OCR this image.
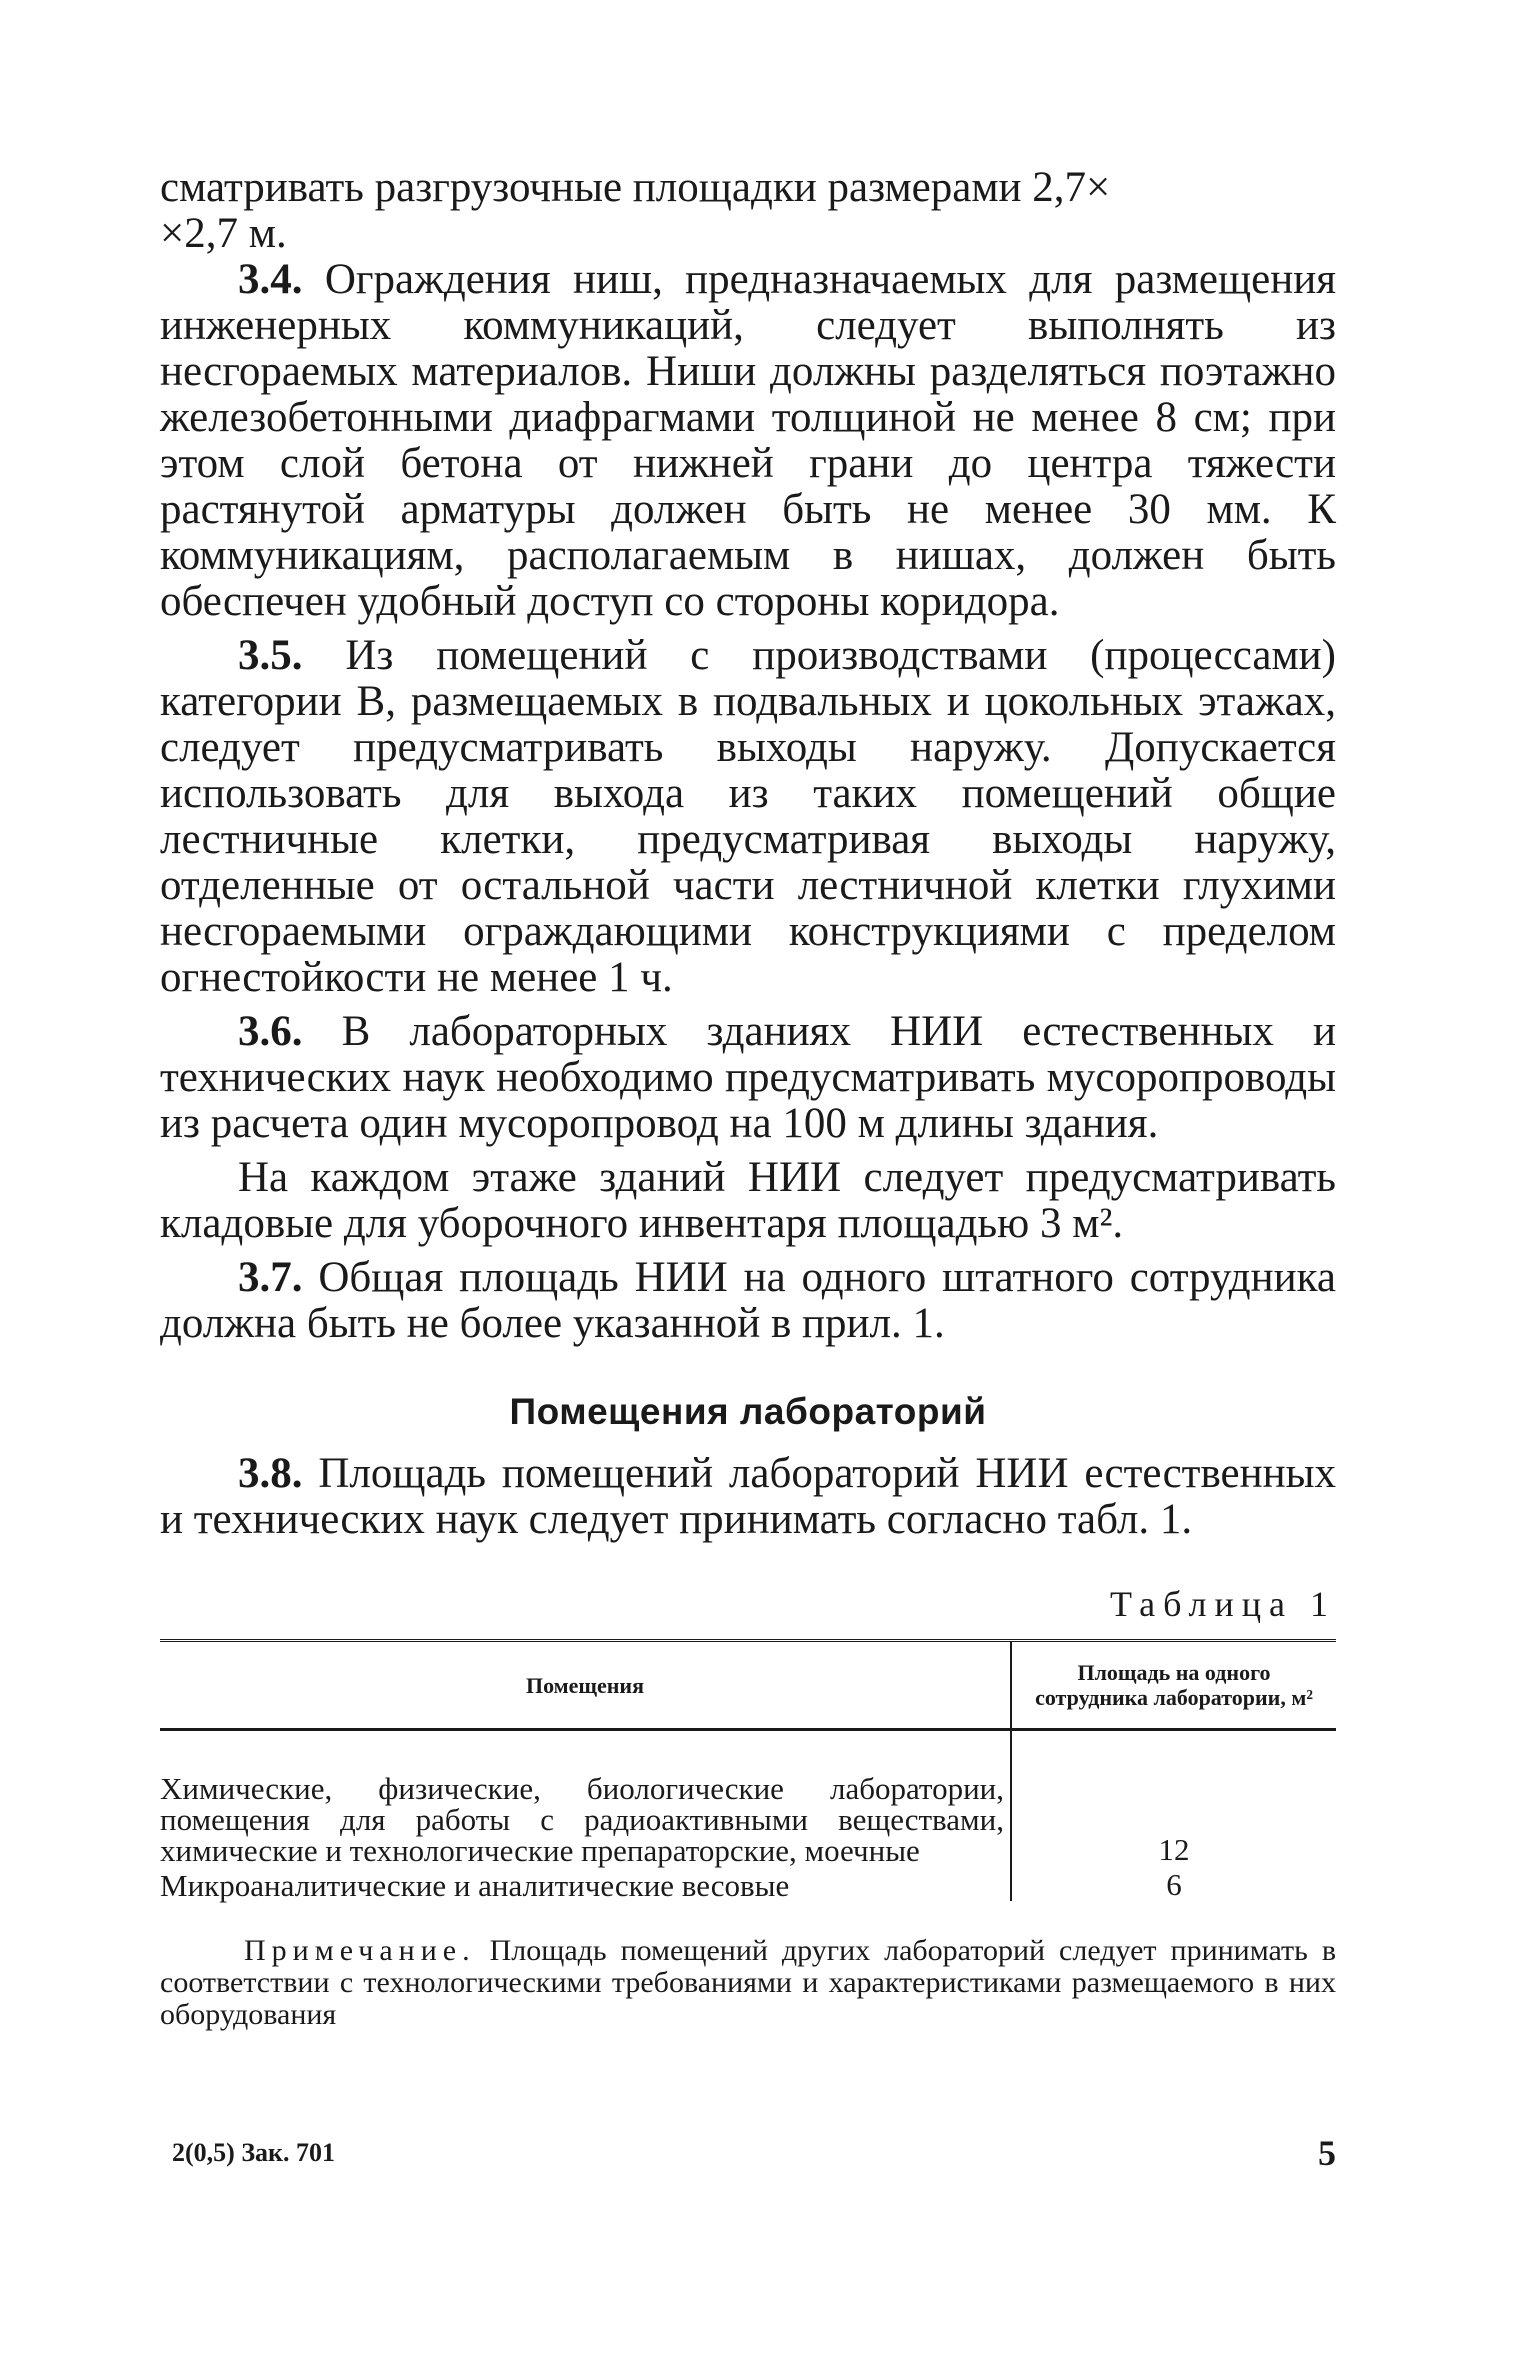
сматривать разгрузочные площадки размерами 2,7×
×2,7 м.

3.4. Ограждения ниш, предназначаемых для размещения инженерных коммуникаций, следует выполнять из несгораемых материалов. Ниши должны разделяться поэтажно железобетонными диафрагмами толщиной не менее 8 см; при этом слой бетона от нижней грани до центра тяжести растянутой арматуры должен быть не менее 30 мм. К коммуникациям, располагаемым в нишах, должен быть обеспечен удобный доступ со стороны коридора.

3.5. Из помещений с производствами (процессами) категории В, размещаемых в подвальных и цокольных этажах, следует предусматривать выходы наружу. Допускается использовать для выхода из таких помещений общие лестничные клетки, предусматривая выходы наружу, отделенные от остальной части лестничной клетки глухими несгораемыми ограждающими конструкциями с пределом огнестойкости не менее 1 ч.

3.6. В лабораторных зданиях НИИ естественных и технических наук необходимо предусматривать мусоропроводы из расчета один мусоропровод на 100 м длины здания.

На каждом этаже зданий НИИ следует предусматривать кладовые для уборочного инвентаря площадью 3 м².

3.7. Общая площадь НИИ на одного штатного сотрудника должна быть не более указанной в прил. 1.

Помещения лабораторий

3.8. Площадь помещений лабораторий НИИ естественных и технических наук следует принимать согласно табл. 1.

Таблица 1
Помещения	Площадь на одного сотрудника лаборатории, м²
Химические, физические, биологические лаборатории, помещения для работы с радиоактивными веществами, химические и технологические препараторские, моечные	12
Микроаналитические и аналитические весовые	6

Примечание. Площадь помещений других лабораторий следует принимать в соответствии с технологическими требованиями и характеристиками размещаемого в них оборудования

2(0,5) Зак. 701	5
